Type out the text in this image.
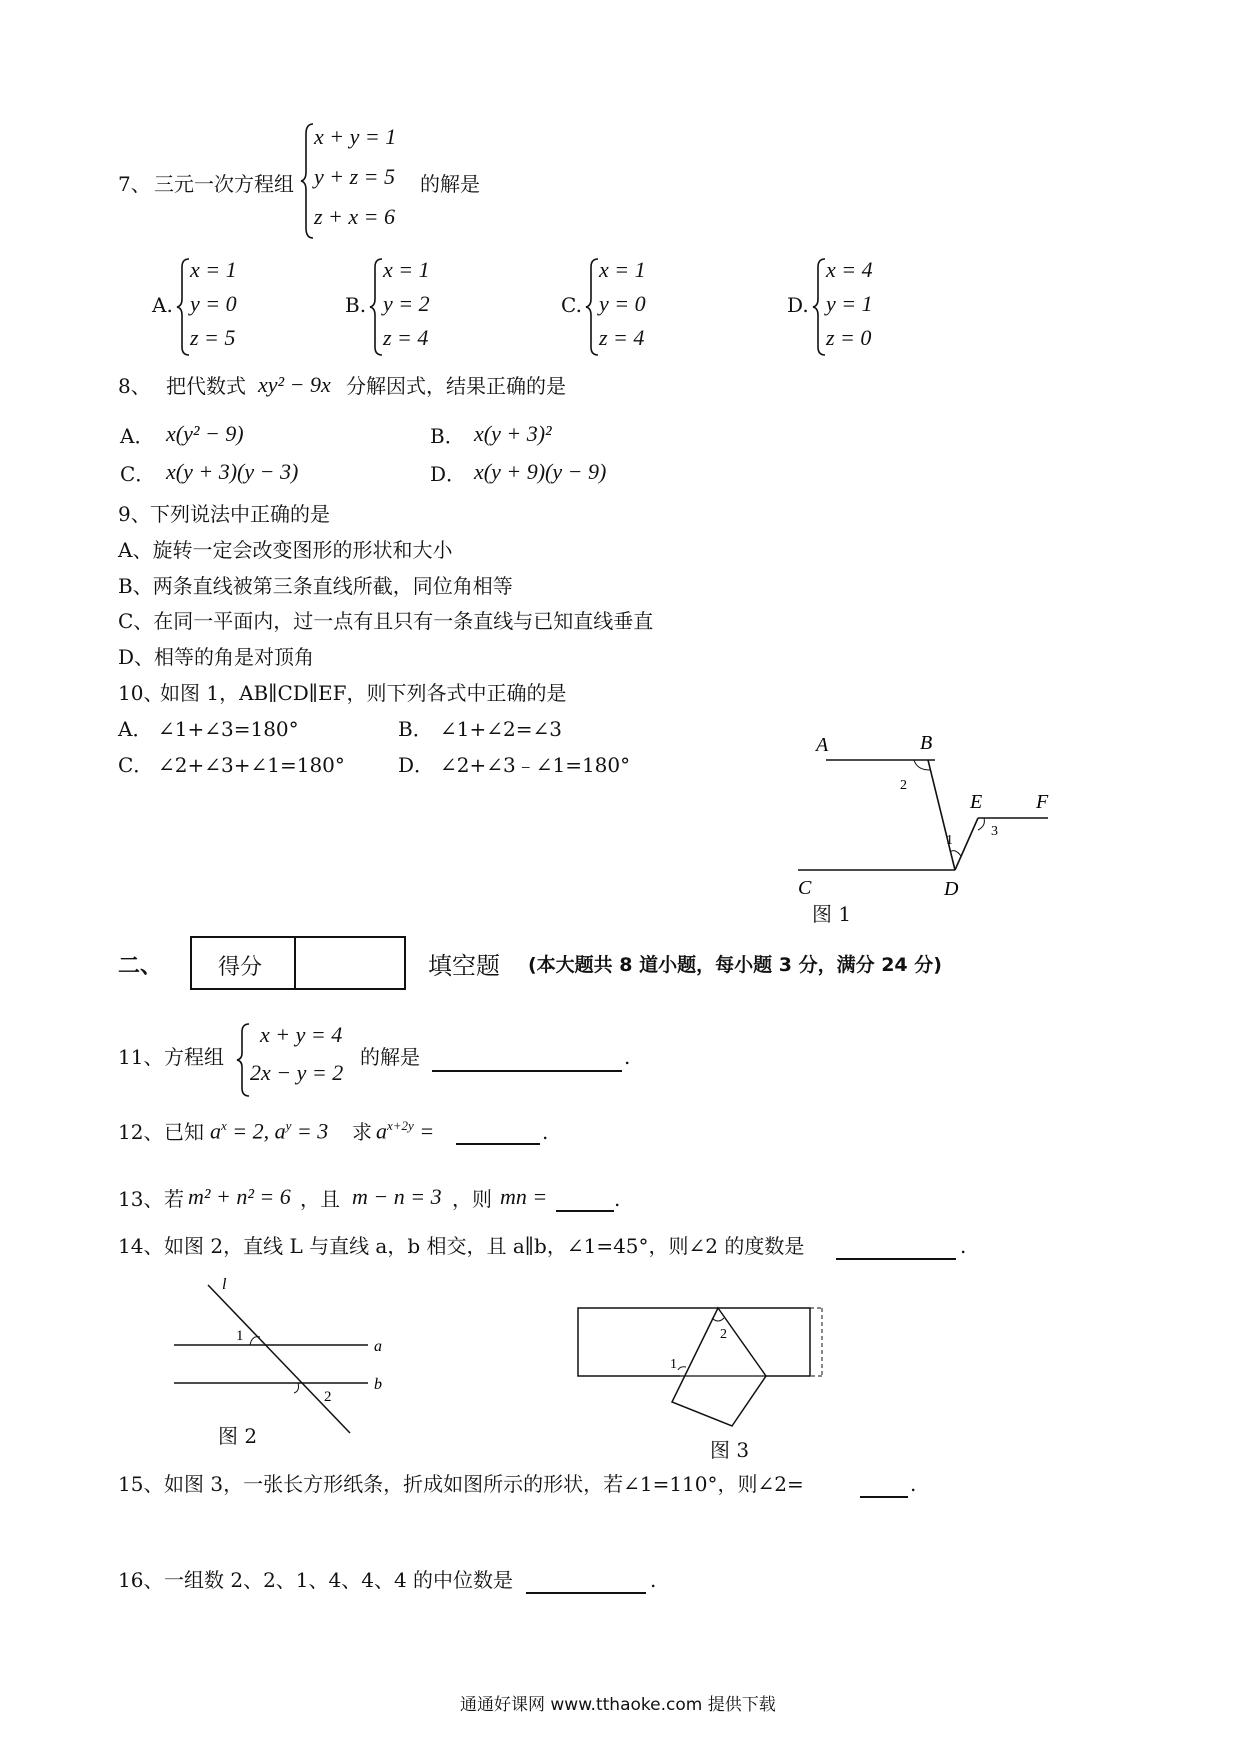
7、 三元一次方程组
x + y = 1
y + z = 5
z + x = 6
的解是
A.
x = 1
y = 0
z = 5
B.
x = 1
y = 2
z = 4
C.
x = 1
y = 0
z = 4
D.
x = 4
y = 1
z = 0
8、 把代数式 xy² − 9x 分解因式，结果正确的是
A． x(y² − 9)	B． x(y + 3)²
C． x(y + 3)(y − 3)	D． x(y + 9)(y − 9)
9、 下列说法中正确的是
A、旋转一定会改变图形的形状和大小
B、两条直线被第三条直线所截，同位角相等
C、在同一平面内，过一点有且只有一条直线与已知直线垂直
D、相等的角是对顶角
10、
如图 1，AB∥CD∥EF，则下列各式中正确的是
A． ∠1+∠3=180°	B． ∠1+∠2=∠3
C． ∠2+∠3+∠1=180°	D． ∠2+∠3﹣∠1=180°
A	B
C	D
E	F
2
1
3
图 1
二、	得分	填空题 (本大题共 8 道小题，每小题 3 分，满分 24 分)
11、 方程组
x + y = 4
2x − y = 2
的解是	.
12、 已知 $a^x = 2$, $a^y = 3$ 求 $a^{x+2y}$ =	.
13、 若 m² + n² = 6 ，且 m − n = 3 ，则 mn =	.
14、 如图 2，直线 L 与直线 a，b 相交，且 a∥b，∠1=45°，则∠2 的度数是	.
l
a
b
1
2
图 2
1
2
图 3
15、 如图 3，一张长方形纸条，折成如图所示的形状，若∠1=110°，则∠2=	.
16、 一组数 2、2、1、4、4、4 的中位数是	.
通通好课网 www.tthaoke.com 提供下载
